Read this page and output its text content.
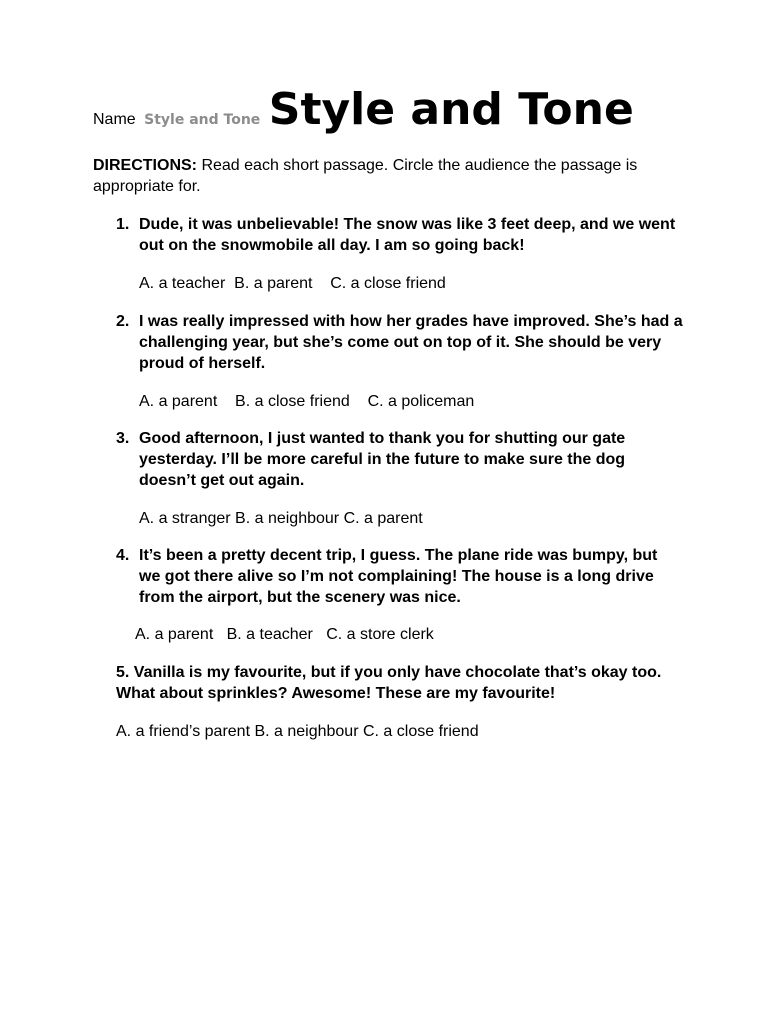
Name Style and Tone Style and Tone
DIRECTIONS: Read each short passage. Circle the audience the passage is
appropriate for.
1. Dude, it was unbelievable! The snow was like 3 feet deep, and we went
out on the snowmobile all day. I am so going back!
A. a teacher  B. a parent    C. a close friend
2. I was really impressed with how her grades have improved. She’s had a
challenging year, but she’s come out on top of it. She should be very
proud of herself.
A. a parent    B. a close friend    C. a policeman
3. Good afternoon, I just wanted to thank you for shutting our gate
yesterday. I’ll be more careful in the future to make sure the dog
doesn’t get out again.
A. a stranger B. a neighbour C. a parent
4. It’s been a pretty decent trip, I guess. The plane ride was bumpy, but
we got there alive so I’m not complaining! The house is a long drive
from the airport, but the scenery was nice.
A. a parent   B. a teacher   C. a store clerk
5. Vanilla is my favourite, but if you only have chocolate that’s okay too.
What about sprinkles? Awesome! These are my favourite!
A. a friend’s parent B. a neighbour C. a close friend
